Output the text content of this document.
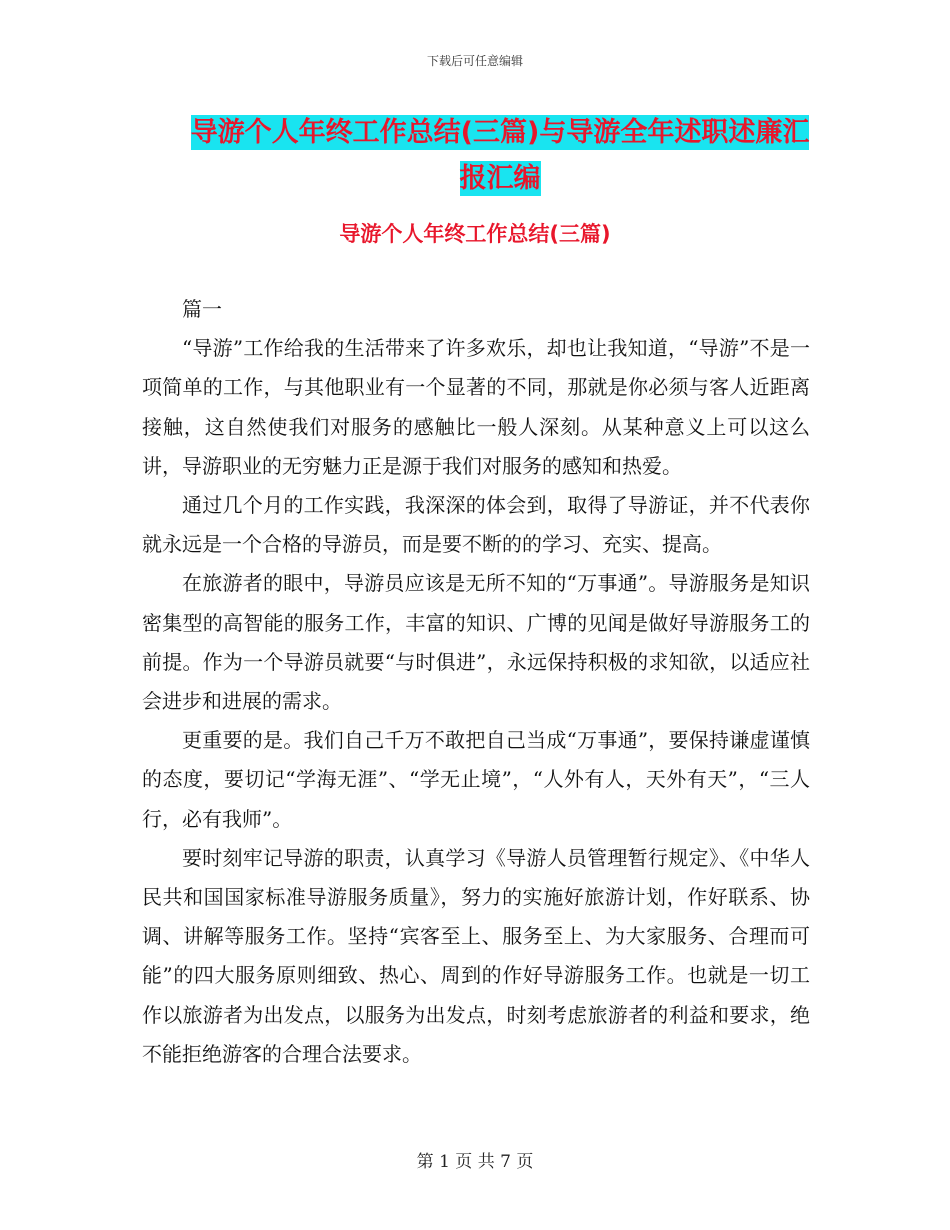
下载后可任意编辑
导游个人年终工作总结(三篇)与导游全年述职述廉汇报汇编
导游个人年终工作总结(三篇)

篇一

“导游”工作给我的生活带来了许多欢乐，却也让我知道，“导游”不是一项简单的工作，与其他职业有一个显著的不同，那就是你必须与客人近距离接触，这自然使我们对服务的感触比一般人深刻。从某种意义上可以这么讲，导游职业的无穷魅力正是源于我们对服务的感知和热爱。

通过几个月的工作实践，我深深的体会到，取得了导游证，并不代表你就永远是一个合格的导游员，而是要不断的的学习、充实、提高。

在旅游者的眼中，导游员应该是无所不知的“万事通”。导游服务是知识密集型的高智能的服务工作，丰富的知识、广博的见闻是做好导游服务工的前提。作为一个导游员就要“与时俱进”，永远保持积极的求知欲，以适应社会进步和进展的需求。

更重要的是。我们自己千万不敢把自己当成“万事通”，要保持谦虚谨慎的态度，要切记“学海无涯”、“学无止境”，“人外有人，天外有天”，“三人行，必有我师”。

要时刻牢记导游的职责，认真学习《导游人员管理暂行规定》、《中华人民共和国国家标准导游服务质量》，努力的实施好旅游计划，作好联系、协调、讲解等服务工作。坚持“宾客至上、服务至上、为大家服务、合理而可能”的四大服务原则细致、热心、周到的作好导游服务工作。也就是一切工作以旅游者为出发点，以服务为出发点，时刻考虑旅游者的利益和要求，绝不能拒绝游客的合理合法要求。

第 1 页 共 7 页
